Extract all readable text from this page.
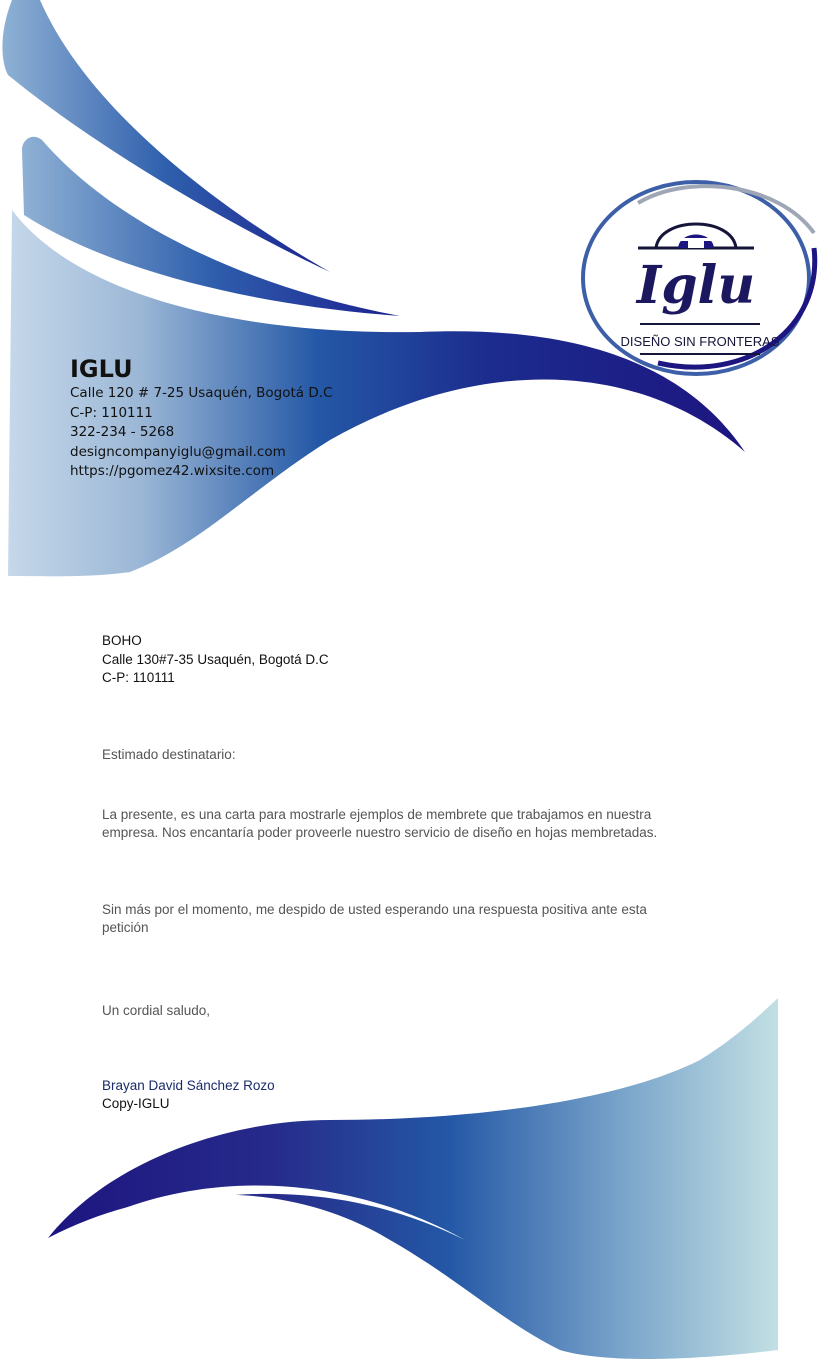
IGLU

Calle 120 # 7-25 Usaquén, Bogotá D.C

C-P: 110111

322-234 - 5268

designcompanyiglu@gmail.com

https://pgomez42.wixsite.com

Iglu
DISEÑO SIN FRONTERAS
BOHO
Calle 130#7-35 Usaquén, Bogotá D.C
C-P: 110111

Estimado destinatario:

La presente, es una carta para mostrarle ejemplos de membrete que trabajamos en nuestra empresa. Nos encantaría poder proveerle nuestro servicio de diseño en hojas membretadas.

Sin más por el momento, me despido de usted esperando una respuesta positiva ante esta petición

Un cordial saludo,

Brayan David Sánchez Rozo
Copy-IGLU
